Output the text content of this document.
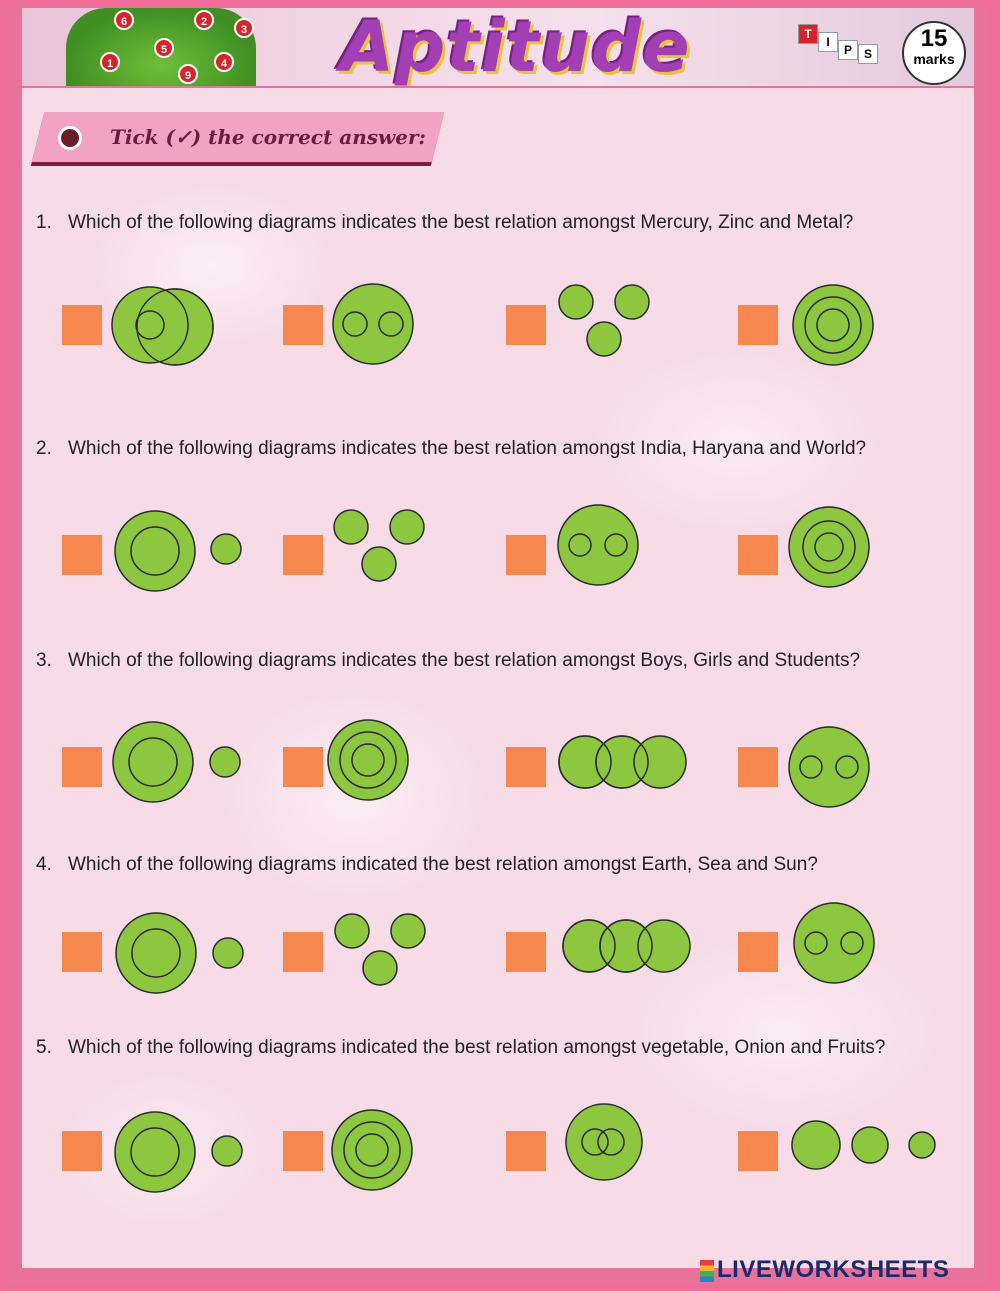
6	2
3
5
1	4
9 Aptitude	T
I
P S
15
marks
Tick (✓) the correct answer:
1. Which of the following diagrams indicates the best relation amongst Mercury, Zinc and Metal?
2. Which of the following diagrams indicates the best relation amongst India, Haryana and World?
3. Which of the following diagrams indicates the best relation amongst Boys, Girls and Students?
4. Which of the following diagrams indicated the best relation amongst Earth, Sea and Sun?
5. Which of the following diagrams indicated the best relation amongst vegetable, Onion and Fruits?
LIVEWORKSHEETS
